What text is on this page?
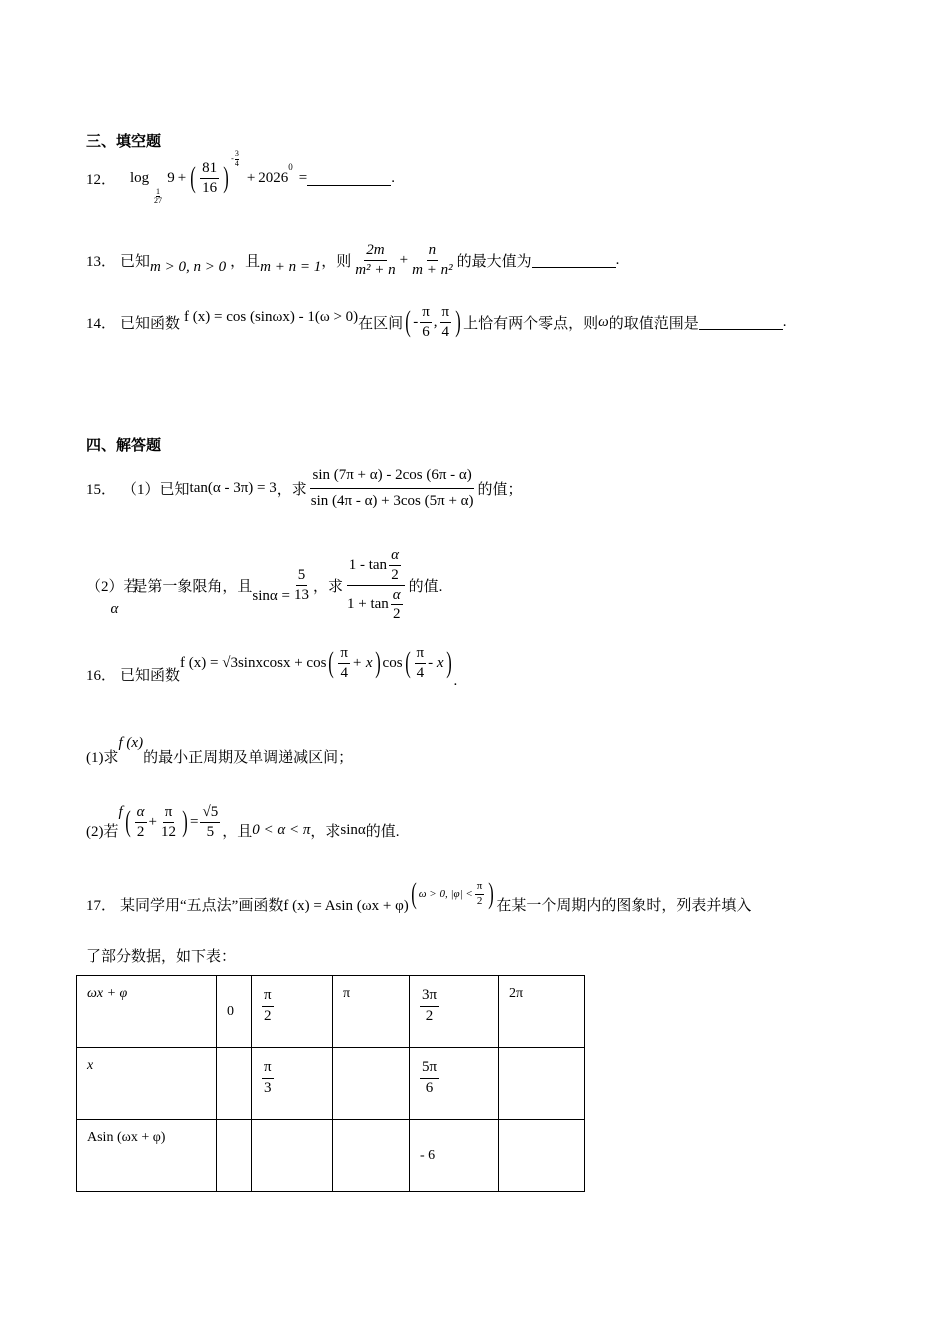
三、填空题
12． log
1
27
9 + ( $\frac{81}{16}$ )
-
3
4
+ 2026
$^0$
=	.
13． 已知 m > 0, n > 0 ，且 m + n = 1 ，则 $\frac{2m}{\text{m² + n}} + \frac{n}{\text{m + n²}}$ 的最大值为	.
14． 已知函数 f (x) = cos (sinωx) - 1(ω > 0) 在区间 ( - $\frac{\pi}{6}$ , $\frac{\pi}{4}$ ) 上恰有两个零点，则 ω 的取值范围是	.
四、解答题
15． （1）已知 tan(α - 3π) = 3 ，求 $\frac{\sin (7\pi + \alpha) - 2\cos (6\pi - \alpha)}{\sin (4\pi - \alpha) + 3\cos (5\pi + \alpha)}$ 的值；
（2）若
α
是第一象限角，且
$\sin\alpha = \frac{5}{13}$ ，求 $\frac{1 - \tan \frac{\alpha}{2}}{1 + \tan \frac{\alpha}{2}}$ 的值.
16． 已知函数
f (x) = √3sinxcosx + cos ( $\frac{\pi}{4} + x$ ) cos ( $\frac{\pi}{4}$ - x )
.
(1)求
f (x)
的最小正周期及单调递减区间；
(2)若
f ( $\frac{\alpha}{2} + \frac{\pi}{12}$ ) = $\frac{√5}{5}$ ，且 0 < α < π ，求 sinα 的值.
17． 某同学用“五点法”画函数 f (x) = Asin (ωx + φ) ( ω > 0, $|\varphi| < \frac{\pi}{2}$ ) 在某一个周期内的图象时，列表并填入
了部分数据，如下表：
ωx + φ	0	$\frac{\pi}{2}$	π	$\frac{3\pi}{2}$	2π
x		$\frac{\pi}{3}$		$\frac{5\pi}{6}$

Asin (ωx + φ)				- 6	
